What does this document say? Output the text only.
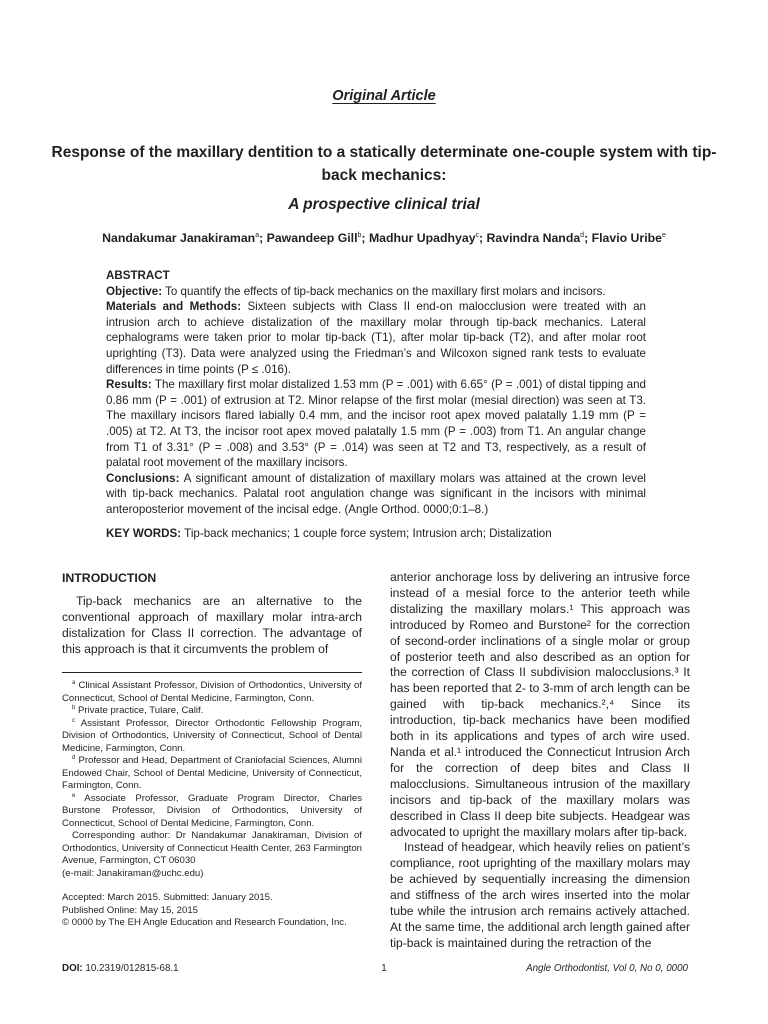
Original Article
Response of the maxillary dentition to a statically determinate one-couple system with tip-back mechanics:
A prospective clinical trial
Nandakumar Janakiraman$^a$; Pawandeep Gill$^b$; Madhur Upadhyay$^c$; Ravindra Nanda$^d$; Flavio Uribe$^e$

ABSTRACT

Objective: To quantify the effects of tip-back mechanics on the maxillary first molars and incisors.

Materials and Methods: Sixteen subjects with Class II end-on malocclusion were treated with an intrusion arch to achieve distalization of the maxillary molar through tip-back mechanics. Lateral cephalograms were taken prior to molar tip-back (T1), after molar tip-back (T2), and after molar root uprighting (T3). Data were analyzed using the Friedman’s and Wilcoxon signed rank tests to evaluate differences in time points (P ≤ .016).

Results: The maxillary first molar distalized 1.53 mm (P = .001) with 6.65° (P = .001) of distal tipping and 0.86 mm (P = .001) of extrusion at T2. Minor relapse of the first molar (mesial direction) was seen at T3. The maxillary incisors flared labially 0.4 mm, and the incisor root apex moved palatally 1.19 mm (P = .005) at T2. At T3, the incisor root apex moved palatally 1.5 mm (P = .003) from T1. An angular change from T1 of 3.31° (P = .008) and 3.53° (P = .014) was seen at T2 and T3, respectively, as a result of palatal root movement of the maxillary incisors.

Conclusions: A significant amount of distalization of maxillary molars was attained at the crown level with tip-back mechanics. Palatal root angulation change was significant in the incisors with minimal anteroposterior movement of the incisal edge. (Angle Orthod. 0000;0:1–8.)

KEY WORDS: Tip-back mechanics; 1 couple force system; Intrusion arch; Distalization

INTRODUCTION

Tip-back mechanics are an alternative to the conventional approach of maxillary molar intra-arch distalization for Class II correction. The advantage of this approach is that it circumvents the problem of

$^a$ Clinical Assistant Professor, Division of Orthodontics, University of Connecticut, School of Dental Medicine, Farmington, Conn.

$^b$ Private practice, Tulare, Calif.

$^c$ Assistant Professor, Director Orthodontic Fellowship Program, Division of Orthodontics, University of Connecticut, School of Dental Medicine, Farmington, Conn.

$^d$ Professor and Head, Department of Craniofacial Sciences, Alumni Endowed Chair, School of Dental Medicine, University of Connecticut, Farmington, Conn.

$^e$ Associate Professor, Graduate Program Director, Charles Burstone Professor, Division of Orthodontics, University of Connecticut, School of Dental Medicine, Farmington, Conn.

Corresponding author: Dr Nandakumar Janakiraman, Division of Orthodontics, University of Connecticut Health Center, 263 Farmington Avenue, Farmington, CT 06030

(e-mail: Janakiraman@uchc.edu)

Accepted: March 2015. Submitted: January 2015.

Published Online: May 15, 2015

© 0000 by The EH Angle Education and Research Foundation, Inc.

anterior anchorage loss by delivering an intrusive force instead of a mesial force to the anterior teeth while distalizing the maxillary molars.¹ This approach was introduced by Romeo and Burstone² for the correction of second-order inclinations of a single molar or group of posterior teeth and also described as an option for the correction of Class II subdivision malocclusions.³ It has been reported that 2- to 3-mm of arch length can be gained with tip-back mechanics.²,⁴ Since its introduction, tip-back mechanics have been modified both in its applications and types of arch wire used. Nanda et al.¹ introduced the Connecticut Intrusion Arch for the correction of deep bites and Class II malocclusions. Simultaneous intrusion of the maxillary incisors and tip-back of the maxillary molars was described in Class II deep bite subjects. Headgear was advocated to upright the maxillary molars after tip-back.

Instead of headgear, which heavily relies on patient’s compliance, root uprighting of the maxillary molars may be achieved by sequentially increasing the dimension and stiffness of the arch wires inserted into the molar tube while the intrusion arch remains actively attached. At the same time, the additional arch length gained after tip-back is maintained during the retraction of the

DOI: 10.2319/012815-68.1	1	Angle Orthodontist, Vol 0, No 0, 0000
